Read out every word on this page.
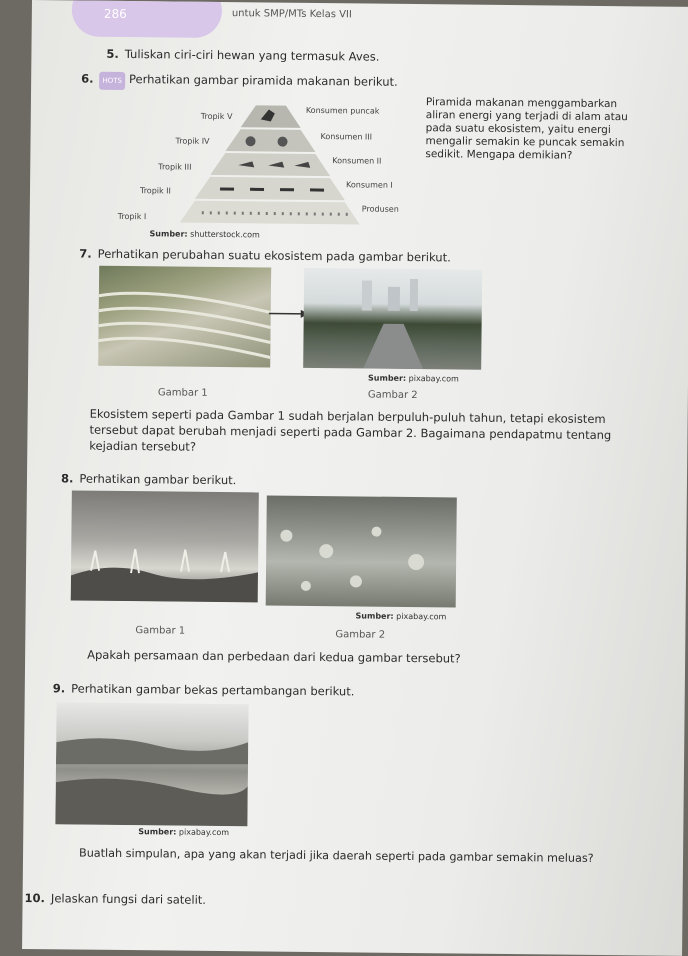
286	untuk SMP/MTs Kelas VII
5. Tuliskan ciri-ciri hewan yang termasuk Aves.
6. HOTS Perhatikan gambar piramida makanan berikut.
Tropik V
Tropik IV
Tropik III
Tropik II
Tropik I
Konsumen puncak
Konsumen III
Konsumen II
Konsumen I
Produsen
Sumber: shutterstock.com
Piramida makanan menggambarkan
aliran energi yang terjadi di alam atau
pada suatu ekosistem, yaitu energi
mengalir semakin ke puncak semakin
sedikit. Mengapa demikian?
7. Perhatikan perubahan suatu ekosistem pada gambar berikut.
Sumber: pixabay.com
Gambar 1	Gambar 2
Ekosistem seperti pada Gambar 1 sudah berjalan berpuluh-puluh tahun, tetapi ekosistem
tersebut dapat berubah menjadi seperti pada Gambar 2. Bagaimana pendapatmu tentang
kejadian tersebut?
8. Perhatikan gambar berikut.
Sumber: pixabay.com
Gambar 1	Gambar 2
Apakah persamaan dan perbedaan dari kedua gambar tersebut?
9. Perhatikan gambar bekas pertambangan berikut.
Sumber: pixabay.com
Buatlah simpulan, apa yang akan terjadi jika daerah seperti pada gambar semakin meluas?
10. Jelaskan fungsi dari satelit.
